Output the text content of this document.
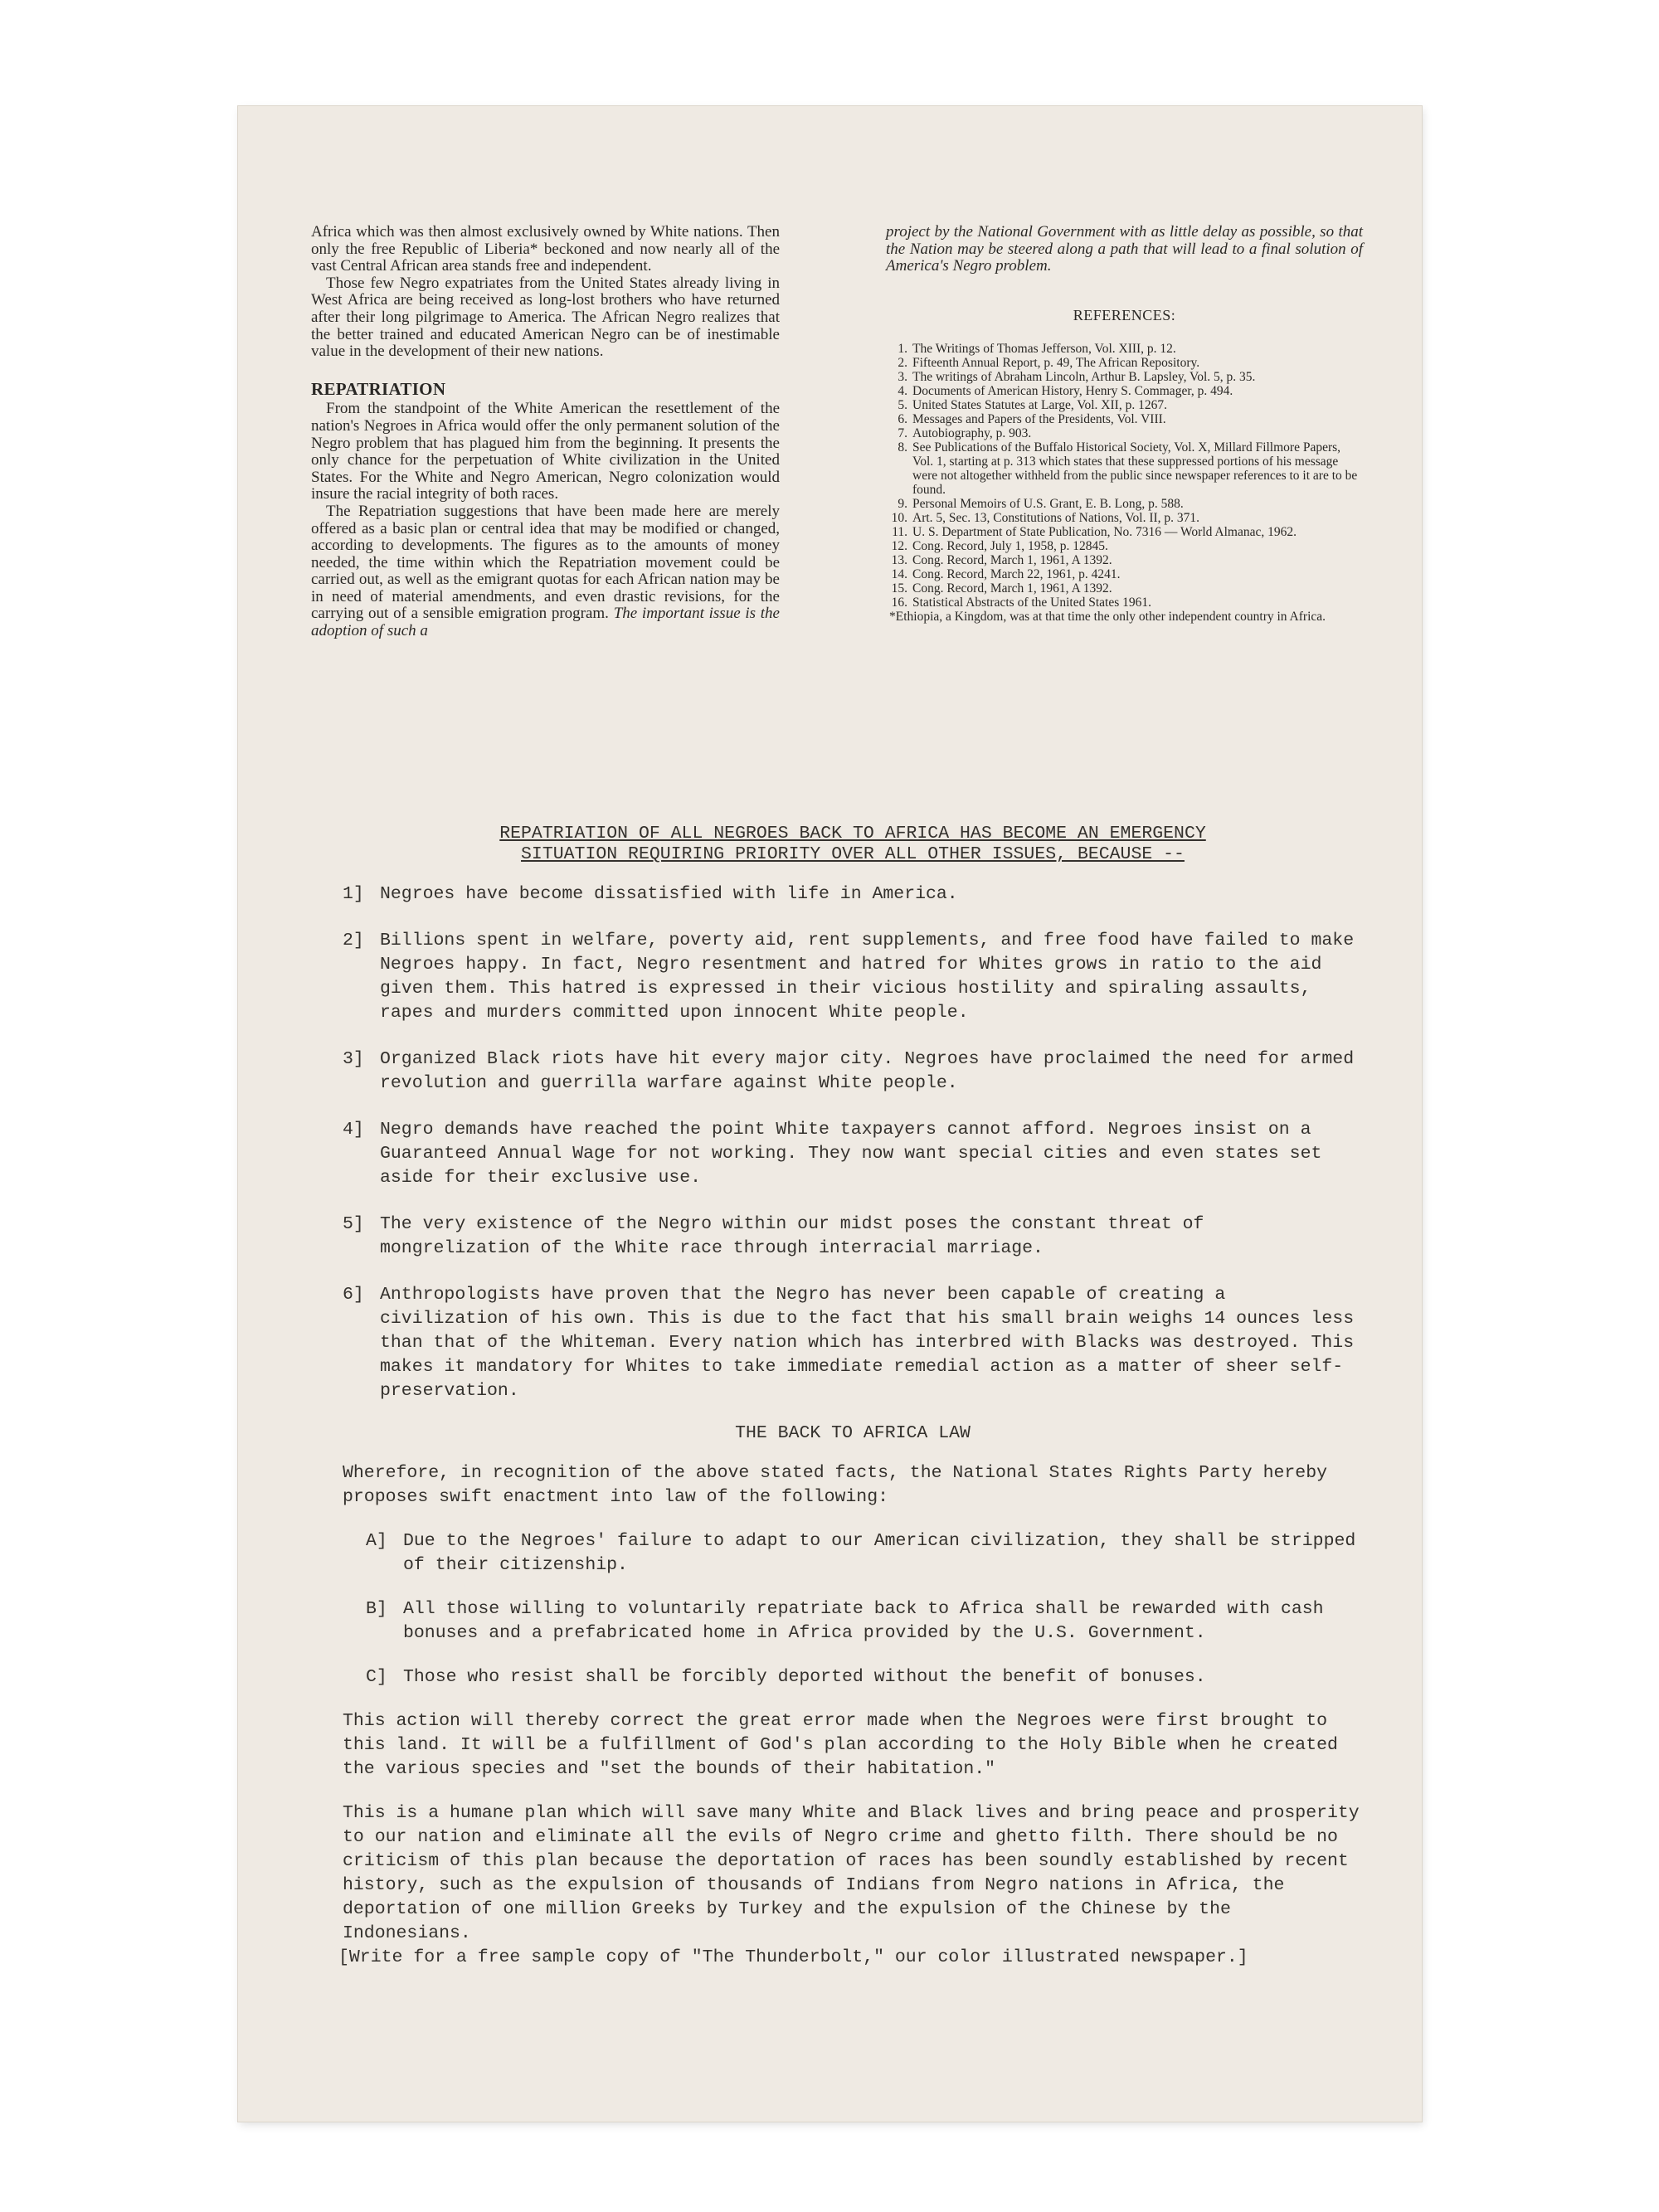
Africa which was then almost exclusively owned by White nations. Then only the free Republic of Liberia* beckoned and now nearly all of the vast Central African area stands free and independent.

Those few Negro expatriates from the United States already living in West Africa are being received as long-lost brothers who have returned after their long pilgrimage to America. The African Negro realizes that the better trained and educated American Negro can be of inestimable value in the development of their new nations.

REPATRIATION

From the standpoint of the White American the resettlement of the nation's Negroes in Africa would offer the only permanent solution of the Negro problem that has plagued him from the beginning. It presents the only chance for the perpetuation of White civilization in the United States. For the White and Negro American, Negro colonization would insure the racial integrity of both races.

The Repatriation suggestions that have been made here are merely offered as a basic plan or central idea that may be modified or changed, according to developments. The figures as to the amounts of money needed, the time within which the Repatriation movement could be carried out, as well as the emigrant quotas for each African nation may be in need of material amendments, and even drastic revisions, for the carrying out of a sensible emigration program. The important issue is the adoption of such a

project by the National Government with as little delay as possible, so that the Nation may be steered along a path that will lead to a final solution of America's Negro problem.

REFERENCES:
1. The Writings of Thomas Jefferson, Vol. XIII, p. 12.
2. Fifteenth Annual Report, p. 49, The African Repository.
3. The writings of Abraham Lincoln, Arthur B. Lapsley, Vol. 5, p. 35.
4. Documents of American History, Henry S. Commager, p. 494.
5. United States Statutes at Large, Vol. XII, p. 1267.
6. Messages and Papers of the Presidents, Vol. VIII.
7. Autobiography, p. 903.
8. See Publications of the Buffalo Historical Society, Vol. X, Millard Fillmore Papers, Vol. 1, starting at p. 313 which states that these suppressed portions of his message were not altogether withheld from the public since newspaper references to it are to be found.
9. Personal Memoirs of U.S. Grant, E. B. Long, p. 588.
10. Art. 5, Sec. 13, Constitutions of Nations, Vol. II, p. 371.
11. U. S. Department of State Publication, No. 7316 — World Almanac, 1962.
12. Cong. Record, July 1, 1958, p. 12845.
13. Cong. Record, March 1, 1961, A 1392.
14. Cong. Record, March 22, 1961, p. 4241.
15. Cong. Record, March 1, 1961, A 1392.
16. Statistical Abstracts of the United States 1961.
*Ethiopia, a Kingdom, was at that time the only other independent country in Africa.
REPATRIATION OF ALL NEGROES BACK TO AFRICA HAS BECOME AN EMERGENCY
SITUATION REQUIRING PRIORITY OVER ALL OTHER ISSUES, BECAUSE --
1] Negroes have become dissatisfied with life in America.
2] Billions spent in welfare, poverty aid, rent supplements, and free food have failed to make Negroes happy. In fact, Negro resentment and hatred for Whites grows in ratio to the aid given them. This hatred is expressed in their vicious hostility and spiraling assaults, rapes and murders committed upon innocent White people.
3] Organized Black riots have hit every major city. Negroes have proclaimed the need for armed revolution and guerrilla warfare against White people.
4] Negro demands have reached the point White taxpayers cannot afford. Negroes insist on a Guaranteed Annual Wage for not working. They now want special cities and even states set aside for their exclusive use.
5] The very existence of the Negro within our midst poses the constant threat of mongrelization of the White race through interracial marriage.
6] Anthropologists have proven that the Negro has never been capable of creating a civilization of his own. This is due to the fact that his small brain weighs 14 ounces less than that of the Whiteman. Every nation which has interbred with Blacks was destroyed. This makes it mandatory for Whites to take immediate remedial action as a matter of sheer self-preservation.
THE BACK TO AFRICA LAW
Wherefore, in recognition of the above stated facts, the National States Rights Party hereby proposes swift enactment into law of the following:
A] Due to the Negroes' failure to adapt to our American civilization, they shall be stripped of their citizenship.
B] All those willing to voluntarily repatriate back to Africa shall be rewarded with cash bonuses and a prefabricated home in Africa provided by the U.S. Government.
C] Those who resist shall be forcibly deported without the benefit of bonuses.
This action will thereby correct the great error made when the Negroes were first brought to this land. It will be a fulfillment of God's plan according to the Holy Bible when he created the various species and "set the bounds of their habitation."
This is a humane plan which will save many White and Black lives and bring peace and prosperity to our nation and eliminate all the evils of Negro crime and ghetto filth. There should be no criticism of this plan because the deportation of races has been soundly established by recent history, such as the expulsion of thousands of Indians from Negro nations in Africa, the deportation of one million Greeks by Turkey and the expulsion of the Chinese by the Indonesians.
[Write for a free sample copy of "The Thunderbolt," our color illustrated newspaper.]
